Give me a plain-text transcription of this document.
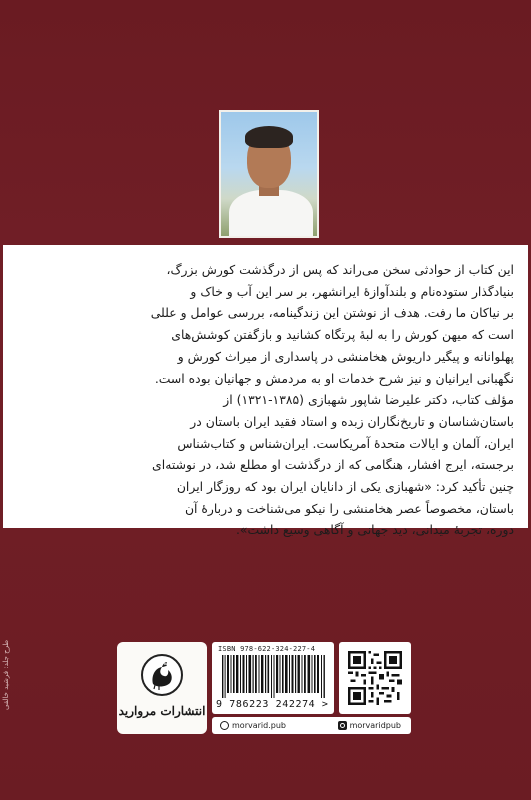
این کتاب از حوادثی سخن می‌راند که پس از درگذشت کورش بزرگ،

بنیادگذار ستوده‌نام و بلندآوازهٔ ایرانشهر، بر سر این آب و خاک و

بر نیاکان ما رفت. هدف از نوشتن این زندگینامه، بررسی عوامل و عللی

است که میهن کورش را به لبهٔ پرتگاه کشانید و بازگفتن کوشش‌های

پهلوانانه و پیگیر داریوش هخامنشی در پاسداری از میراث کورش و

نگهبانی ایرانیان و نیز شرح خدمات او به مردمش و جهانیان بوده است.

مؤلف کتاب، دکتر علیرضا شاپور شهبازی (۱۳۸۵-۱۳۲۱) از

باستان‌شناسان و تاریخ‌نگاران زبده و استاد فقید ایران باستان در

ایران، آلمان و ایالات متحدهٔ آمریکاست. ایران‌شناس و کتاب‌شناس

برجسته، ایرج افشار، هنگامی که از درگذشت او مطلع شد، در نوشته‌ای

چنین تأکید کرد: «شهبازی یکی از دانایان ایران بود که روزگار ایران

باستان، مخصوصاً عصر هخامنشی را نیکو می‌شناخت و دربارهٔ آن

دوره، تجربهٔ میدانی، دید جهانی و آگاهی وسیع داشت».

طرح جلد: فرشید خالقی
انتشارات مروارید
ISBN 978-622-324-227-4
9 786223 242274 >
morvarid.pub	morvaridpub
